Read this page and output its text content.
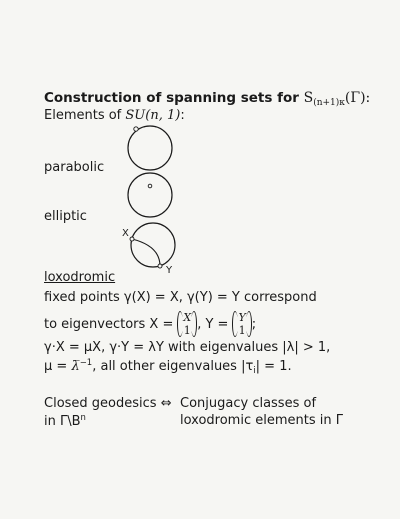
Construction of spanning sets for $S_{(n+1)\kappa}(\Gamma)$:
Elements of SU(n, 1):
X
Y
parabolic
elliptic
loxodromic
fixed points γ(X) = X, γ(Y) = Y correspond
to eigenvectors X = X
1 , Y = Y
1 ;
γ·X = μX, γ·Y = λY with eigenvalues |λ| > 1,
μ = λ̅$^{-1}$, all other eigenvalues $|\tau_i| = 1$.
Closed geodesics ⇔
in $\Gamma\backslash B^n$
Conjugacy classes of
loxodromic elements in Γ
